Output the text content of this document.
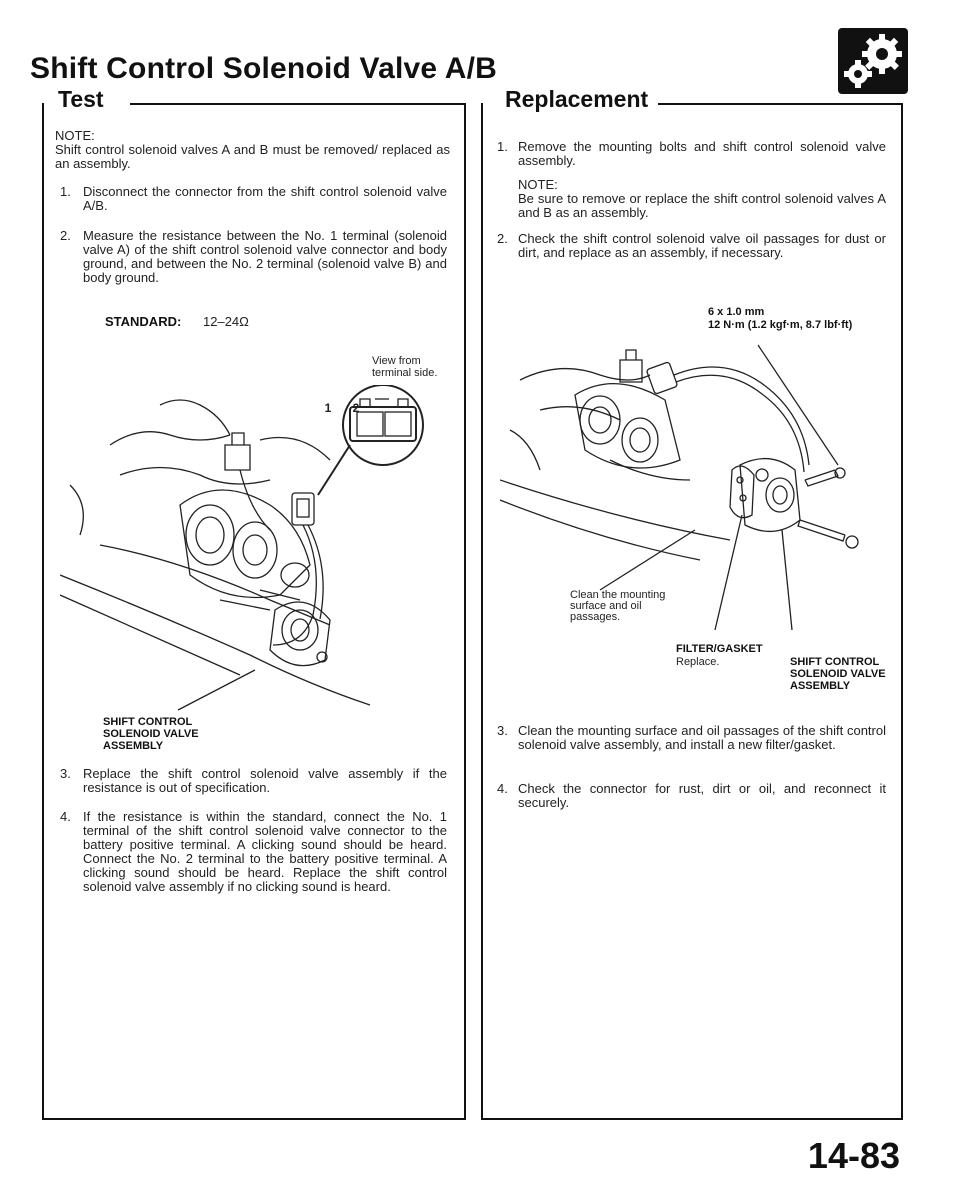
Shift Control Solenoid Valve A/B
Test
NOTE:
Shift control solenoid valves A and B must be removed/ replaced as an assembly.
1. Disconnect the connector from the shift control solenoid valve A/B.
2. Measure the resistance between the No. 1 terminal (solenoid valve A) of the shift control solenoid valve connector and body ground, and between the No. 2 terminal (solenoid valve B) and body ground.
STANDARD: 12–24Ω
View from terminal side.
1	2
SHIFT CONTROL SOLENOID VALVE ASSEMBLY
3. Replace the shift control solenoid valve assembly if the resistance is out of specification.
4. If the resistance is within the standard, connect the No. 1 terminal of the shift control solenoid valve connector to the battery positive terminal. A clicking sound should be heard. Connect the No. 2 terminal to the battery positive terminal. A clicking sound should be heard. Replace the shift control solenoid valve assembly if no clicking sound is heard.
Replacement
1. Remove the mounting bolts and shift control solenoid valve assembly.
NOTE:
Be sure to remove or replace the shift control solenoid valves A and B as an assembly.
2. Check the shift control solenoid valve oil passages for dust or dirt, and replace as an assembly, if necessary.
6 x 1.0 mm
12 N·m (1.2 kgf·m, 8.7 lbf·ft)
Clean the mounting surface and oil passages.
FILTER/GASKET
Replace.	SHIFT CONTROL SOLENOID VALVE ASSEMBLY
3. Clean the mounting surface and oil passages of the shift control solenoid valve assembly, and install a new filter/gasket.
4. Check the connector for rust, dirt or oil, and reconnect it securely.
14-83
